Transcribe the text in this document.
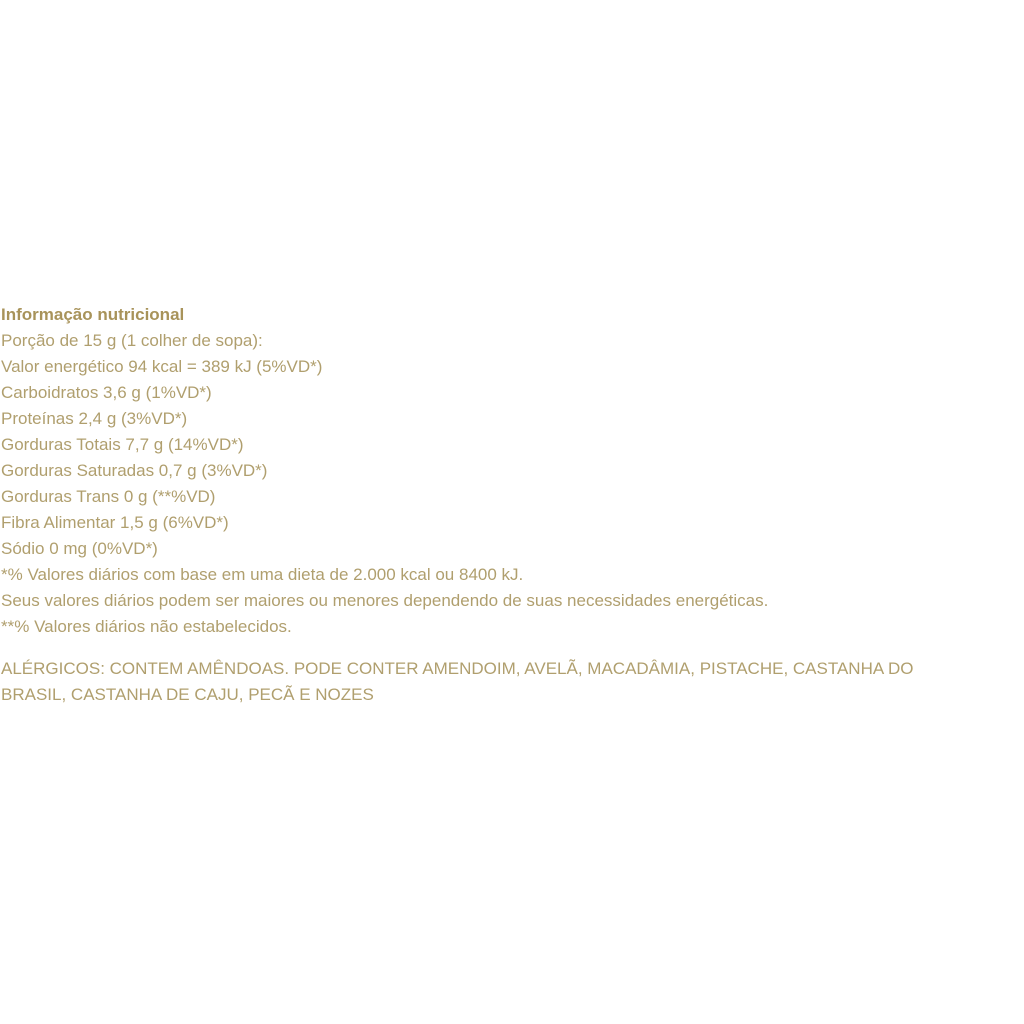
Informação nutricional
Porção de 15 g (1 colher de sopa):
Valor energético 94 kcal = 389 kJ (5%VD*)
Carboidratos 3,6 g (1%VD*)
Proteínas 2,4 g (3%VD*)
Gorduras Totais 7,7 g (14%VD*)
Gorduras Saturadas 0,7 g (3%VD*)
Gorduras Trans 0 g (**%VD)
Fibra Alimentar 1,5 g (6%VD*)
Sódio 0 mg (0%VD*)
*% Valores diários com base em uma dieta de 2.000 kcal ou 8400 kJ.
Seus valores diários podem ser maiores ou menores dependendo de suas necessidades energéticas.
**% Valores diários não estabelecidos.
ALÉRGICOS: CONTEM AMÊNDOAS. PODE CONTER AMENDOIM, AVELÃ, MACADÂMIA, PISTACHE, CASTANHA DO
BRASIL, CASTANHA DE CAJU, PECÃ E NOZES
